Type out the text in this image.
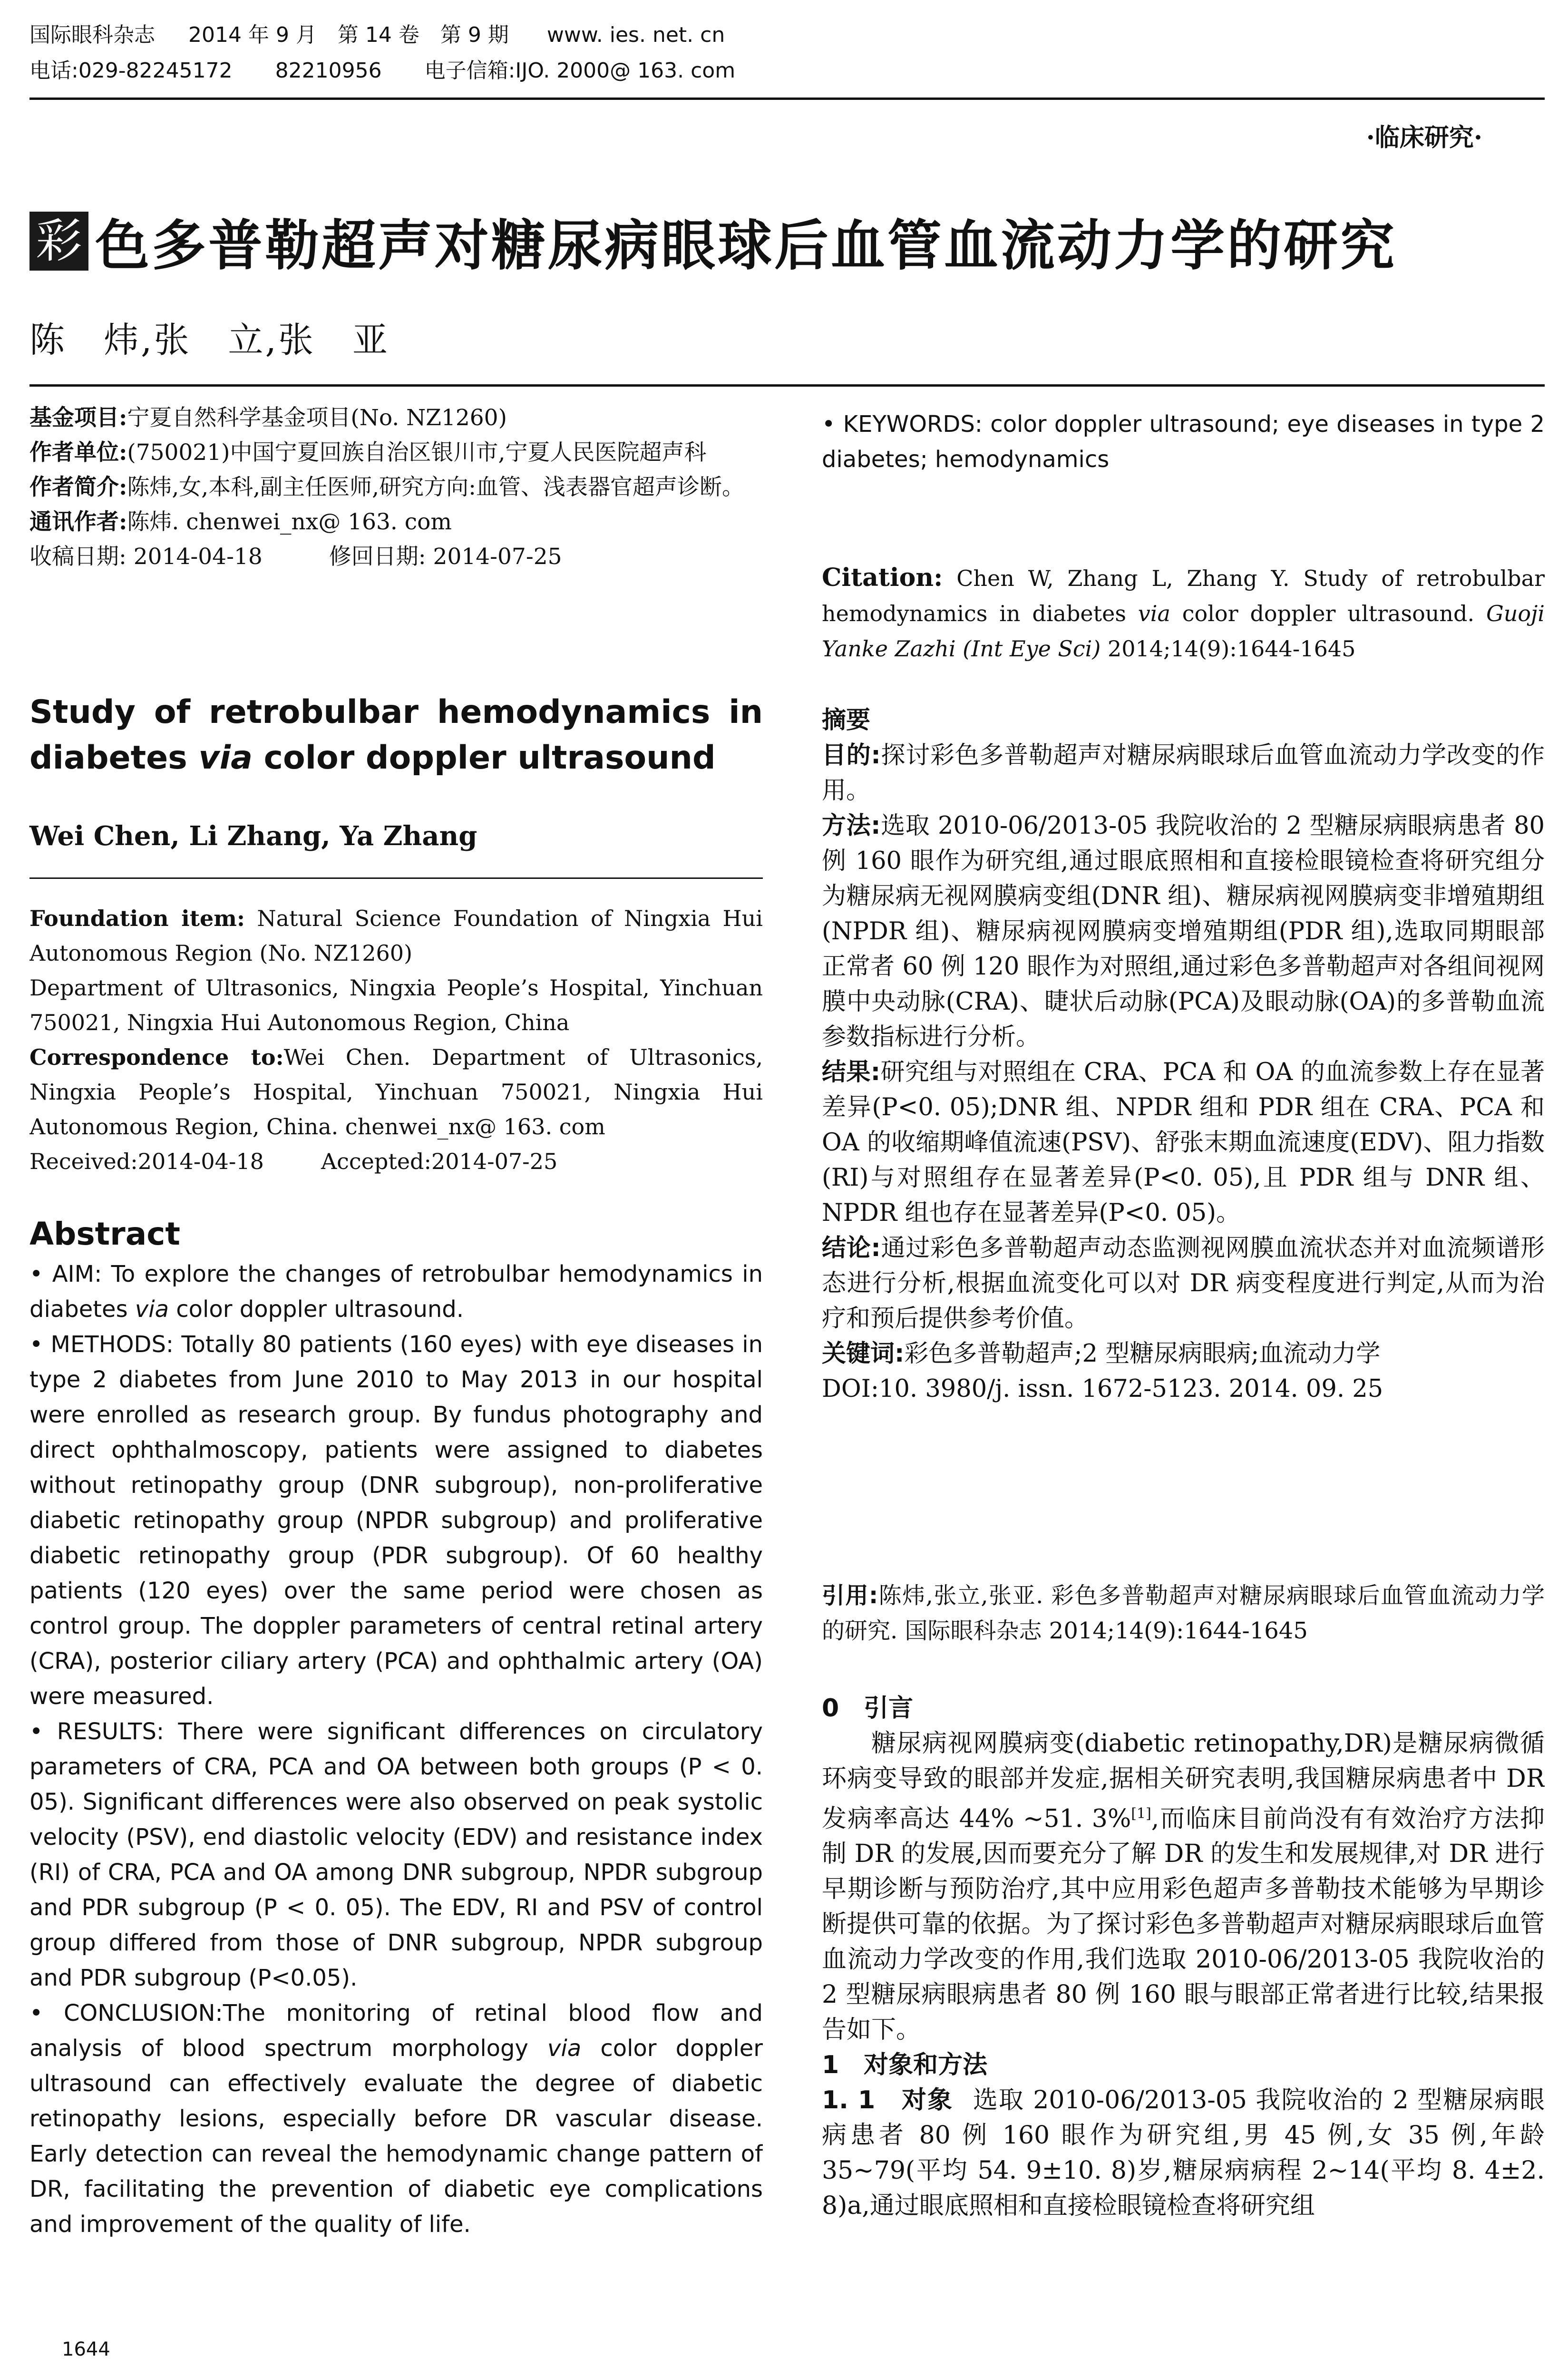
国际眼科杂志 2014 年 9 月　第 14 卷　第 9 期 www. ies. net. cn
电话:029-82245172 82210956 电子信箱:IJO. 2000@ 163. com
·临床研究·
彩 色多普勒超声对糖尿病眼球后血管血流动力学的研究
陈　炜,张　立,张　亚

基金项目:宁夏自然科学基金项目(No. NZ1260)

作者单位:(750021)中国宁夏回族自治区银川市,宁夏人民医院超声科

作者简介:陈炜,女,本科,副主任医师,研究方向:血管、浅表器官超声诊断。

通讯作者:陈炜. chenwei_nx@ 163. com

收稿日期: 2014-04-18	修回日期: 2014-07-25

Study of retrobulbar hemodynamics in diabetes via color doppler ultrasound

Wei Chen, Li Zhang, Ya Zhang

Foundation item: Natural Science Foundation of Ningxia Hui Autonomous Region (No. NZ1260)

Department of Ultrasonics, Ningxia People’s Hospital, Yinchuan 750021, Ningxia Hui Autonomous Region, China

Correspondence to:Wei Chen. Department of Ultrasonics, Ningxia People’s Hospital, Yinchuan 750021, Ningxia Hui Autonomous Region, China. chenwei_nx@ 163. com

Received:2014-04-18	Accepted:2014-07-25

Abstract

• AIM: To explore the changes of retrobulbar hemodynamics in diabetes via color doppler ultrasound.

• METHODS: Totally 80 patients (160 eyes) with eye diseases in type 2 diabetes from June 2010 to May 2013 in our hospital were enrolled as research group. By fundus photography and direct ophthalmoscopy, patients were assigned to diabetes without retinopathy group (DNR subgroup), non-proliferative diabetic retinopathy group (NPDR subgroup) and proliferative diabetic retinopathy group (PDR subgroup). Of 60 healthy patients (120 eyes) over the same period were chosen as control group. The doppler parameters of central retinal artery (CRA), posterior ciliary artery (PCA) and ophthalmic artery (OA) were measured.

• RESULTS: There were significant differences on circulatory parameters of CRA, PCA and OA between both groups (P < 0. 05). Significant differences were also observed on peak systolic velocity (PSV), end diastolic velocity (EDV) and resistance index (RI) of CRA, PCA and OA among DNR subgroup, NPDR subgroup and PDR subgroup (P < 0. 05). The EDV, RI and PSV of control group differed from those of DNR subgroup, NPDR subgroup and PDR subgroup (P<0.05).

• CONCLUSION:The monitoring of retinal blood flow and analysis of blood spectrum morphology via color doppler ultrasound can effectively evaluate the degree of diabetic retinopathy lesions, especially before DR vascular disease. Early detection can reveal the hemodynamic change pattern of DR, facilitating the prevention of diabetic eye complications and improvement of the quality of life.

1644

• KEYWORDS: color doppler ultrasound; eye diseases in type 2 diabetes; hemodynamics

Citation: Chen W, Zhang L, Zhang Y. Study of retrobulbar hemodynamics in diabetes via color doppler ultrasound. Guoji Yanke Zazhi (Int Eye Sci) 2014;14(9):1644-1645

摘要

目的:探讨彩色多普勒超声对糖尿病眼球后血管血流动力学改变的作用。

方法:选取 2010-06/2013-05 我院收治的 2 型糖尿病眼病患者 80 例 160 眼作为研究组,通过眼底照相和直接检眼镜检查将研究组分为糖尿病无视网膜病变组(DNR 组)、糖尿病视网膜病变非增殖期组(NPDR 组)、糖尿病视网膜病变增殖期组(PDR 组),选取同期眼部正常者 60 例 120 眼作为对照组,通过彩色多普勒超声对各组间视网膜中央动脉(CRA)、睫状后动脉(PCA)及眼动脉(OA)的多普勒血流参数指标进行分析。

结果:研究组与对照组在 CRA、PCA 和 OA 的血流参数上存在显著差异(P<0. 05);DNR 组、NPDR 组和 PDR 组在 CRA、PCA 和 OA 的收缩期峰值流速(PSV)、舒张末期血流速度(EDV)、阻力指数(RI)与对照组存在显著差异(P<0. 05),且 PDR 组与 DNR 组、NPDR 组也存在显著差异(P<0. 05)。

结论:通过彩色多普勒超声动态监测视网膜血流状态并对血流频谱形态进行分析,根据血流变化可以对 DR 病变程度进行判定,从而为治疗和预后提供参考价值。

关键词:彩色多普勒超声;2 型糖尿病眼病;血流动力学

DOI:10. 3980/j. issn. 1672-5123. 2014. 09. 25

引用:陈炜,张立,张亚. 彩色多普勒超声对糖尿病眼球后血管血流动力学的研究. 国际眼科杂志 2014;14(9):1644-1645

0　引言

糖尿病视网膜病变(diabetic retinopathy,DR)是糖尿病微循环病变导致的眼部并发症,据相关研究表明,我国糖尿病患者中 DR 发病率高达 44% ~51. 3%[1],而临床目前尚没有有效治疗方法抑制 DR 的发展,因而要充分了解 DR 的发生和发展规律,对 DR 进行早期诊断与预防治疗,其中应用彩色超声多普勒技术能够为早期诊断提供可靠的依据。为了探讨彩色多普勒超声对糖尿病眼球后血管血流动力学改变的作用,我们选取 2010-06/2013-05 我院收治的 2 型糖尿病眼病患者 80 例 160 眼与眼部正常者进行比较,结果报告如下。

1　对象和方法

1. 1　对象 选取 2010-06/2013-05 我院收治的 2 型糖尿病眼病患者 80 例 160 眼作为研究组,男 45 例,女 35 例,年龄 35~79(平均 54. 9±10. 8)岁,糖尿病病程 2~14(平均 8. 4±2. 8)a,通过眼底照相和直接检眼镜检查将研究组
